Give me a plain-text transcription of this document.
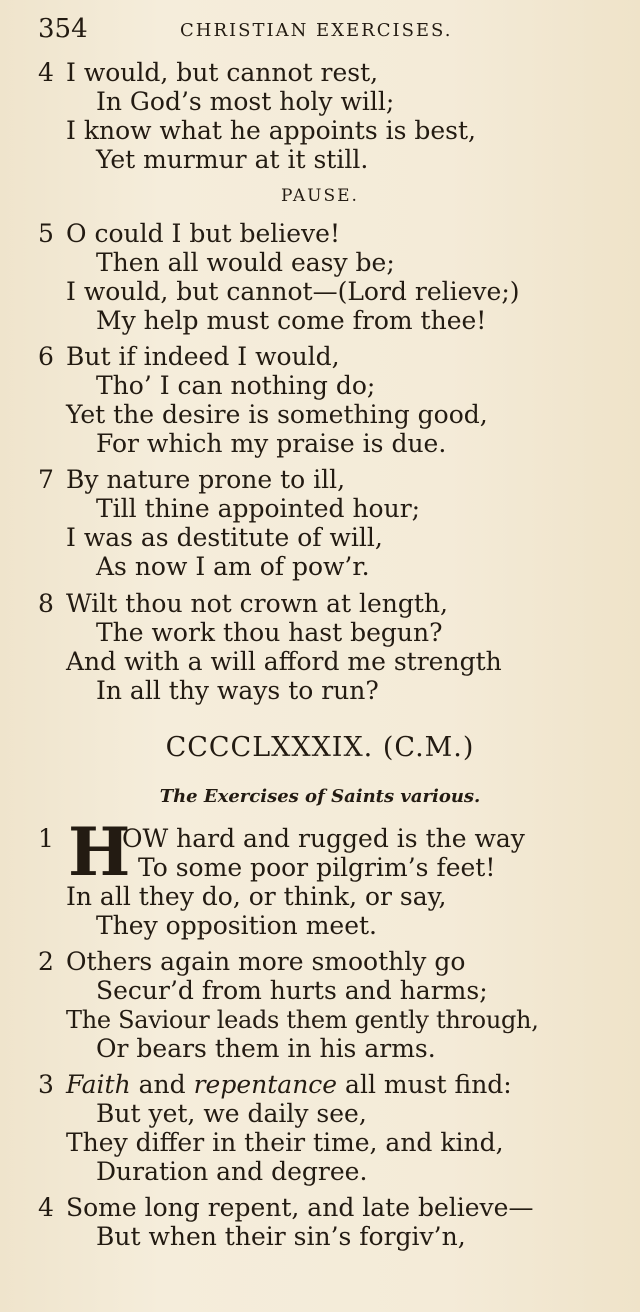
354	CHRISTIAN EXERCISES.
4 I would, but cannot rest,
In God’s most holy will;
I know what he appoints is best,
Yet murmur at it still.
PAUSE.
5 O could I but believe!
Then all would easy be;
I would, but cannot—(Lord relieve;)
My help must come from thee!
6 But if indeed I would,
Tho’ I can nothing do;
Yet the desire is something good,
For which my praise is due.
7 By nature prone to ill,
Till thine appointed hour;
I was as destitute of will,
As now I am of pow’r.
8 Wilt thou not crown at length,
The work thou hast begun?
And with a will afford me strength
In all thy ways to run?
CCCCLXXXIX. (C.M.)
The Exercises of Saints various.
1 H
OW hard and rugged is the way
To some poor pilgrim’s feet!
In all they do, or think, or say,
They opposition meet.
2 Others again more smoothly go
Secur’d from hurts and harms;
The Saviour leads them gently through,
Or bears them in his arms.
3 Faith and repentance all must find:
But yet, we daily see,
They differ in their time, and kind,
Duration and degree.
4 Some long repent, and late believe—
But when their sin’s forgiv’n,
